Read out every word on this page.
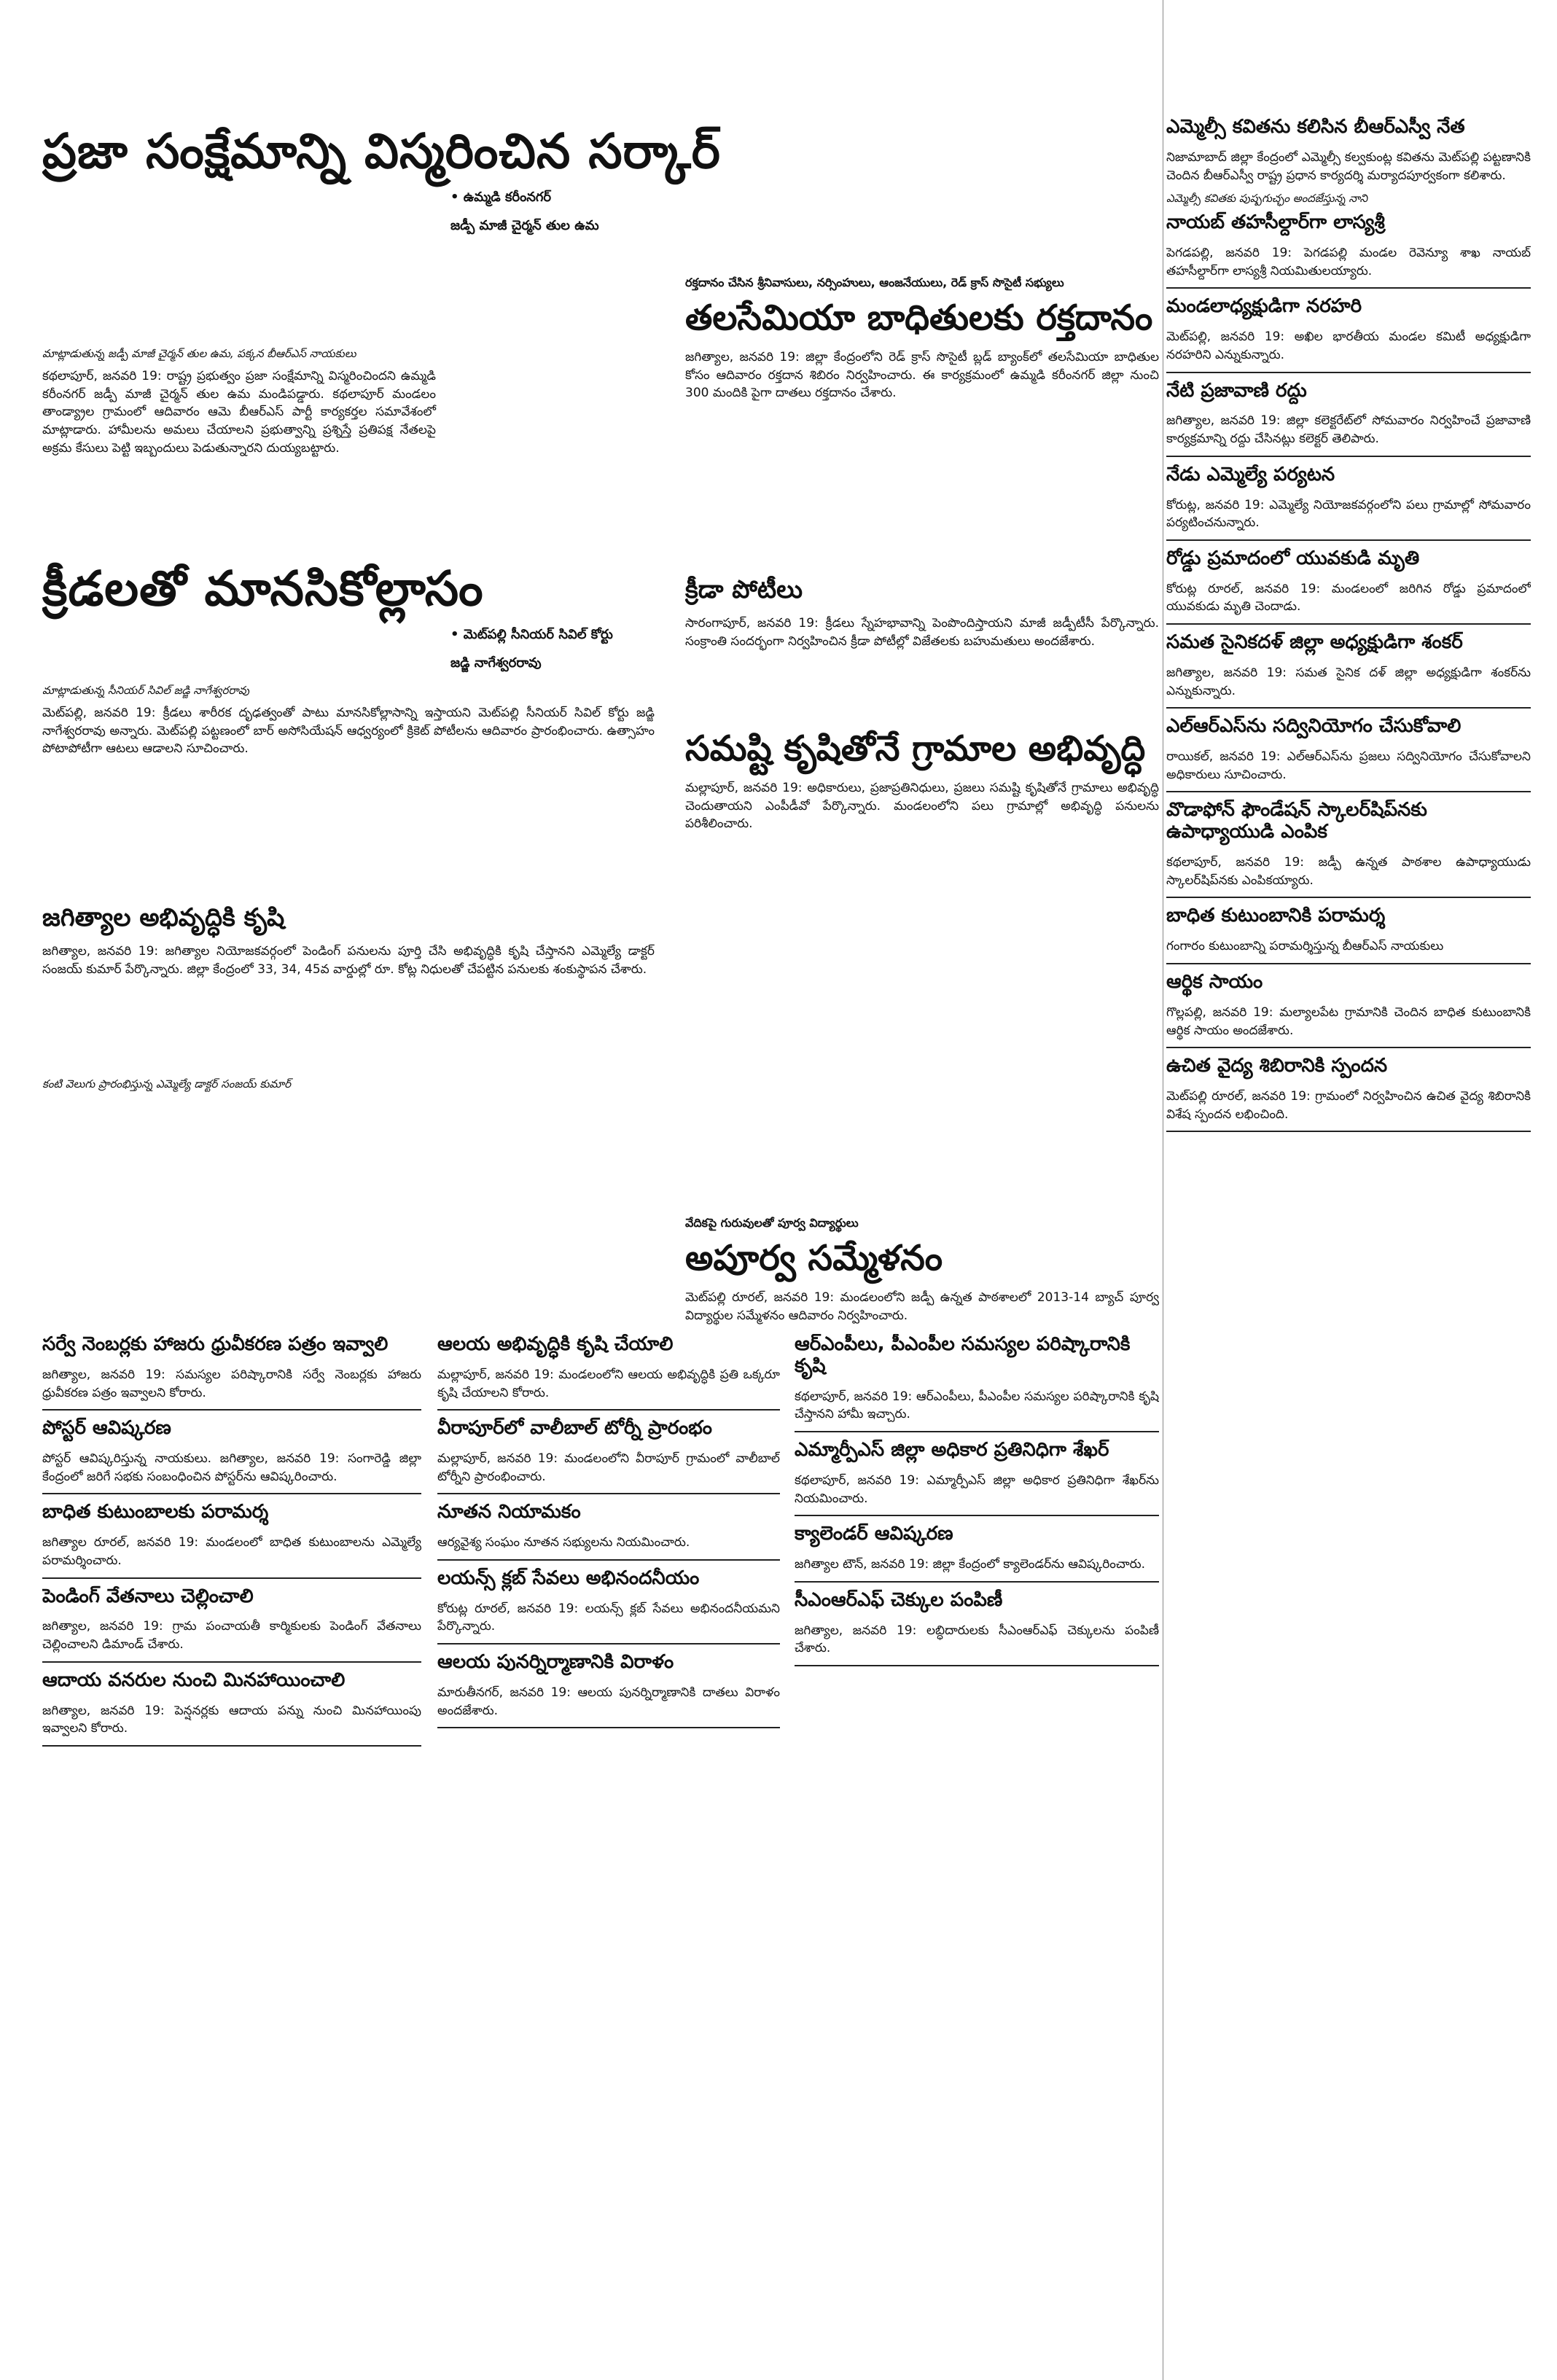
ప్రజా సంక్షేమాన్ని విస్మరించిన సర్కార్
• ఉమ్మడి కరీంనగర్
జడ్పీ మాజీ చైర్మన్ తుల ఉమ
మాట్లాడుతున్న జడ్పీ మాజీ చైర్మన్ తుల ఉమ, పక్కన బీఆర్ఎస్ నాయకులు

కథలాపూర్, జనవరి 19: రాష్ట్ర ప్రభుత్వం ప్రజా సంక్షేమాన్ని విస్మరించిందని ఉమ్మడి కరీంనగర్ జడ్పీ మాజీ చైర్మన్ తుల ఉమ మండిపడ్డారు. కథలాపూర్ మండలం తాండ్య్రాల గ్రామంలో ఆదివారం ఆమె బీఆర్ఎస్ పార్టీ కార్యకర్తల సమావేశంలో మాట్లాడారు. హామీలను అమలు చేయాలని ప్రభుత్వాన్ని ప్రశ్నిస్తే ప్రతిపక్ష నేతలపై అక్రమ కేసులు పెట్టి ఇబ్బందులు పెడుతున్నారని దుయ్యబట్టారు.

రక్తదానం చేసిన శ్రీనివాసులు, నర్సింహులు, ఆంజనేయులు, రెడ్ క్రాస్ సొసైటీ సభ్యులు
తలసేమియా బాధితులకు రక్తదానం

జగిత్యాల, జనవరి 19: జిల్లా కేంద్రంలోని రెడ్ క్రాస్ సొసైటీ బ్లడ్ బ్యాంక్‌లో తలసేమియా బాధితుల కోసం ఆదివారం రక్తదాన శిబిరం నిర్వహించారు. ఈ కార్యక్రమంలో ఉమ్మడి కరీంనగర్ జిల్లా నుంచి 300 మందికి పైగా దాతలు రక్తదానం చేశారు.

క్రీడలతో మానసికోల్లాసం
• మెట్‌పల్లి సీనియర్ సివిల్ కోర్టు
జడ్జి నాగేశ్వరరావు
మాట్లాడుతున్న సీనియర్ సివిల్ జడ్జి నాగేశ్వరరావు

మెట్‌పల్లి, జనవరి 19: క్రీడలు శారీరక దృఢత్వంతో పాటు మానసికోల్లాసాన్ని ఇస్తాయని మెట్‌పల్లి సీనియర్ సివిల్ కోర్టు జడ్జి నాగేశ్వరరావు అన్నారు. మెట్‌పల్లి పట్టణంలో బార్ అసోసియేషన్ ఆధ్వర్యంలో క్రికెట్ పోటీలను ఆదివారం ప్రారంభించారు. ఉత్సాహం పోటాపోటీగా ఆటలు ఆడాలని సూచించారు.

క్రీడా పోటీలు

సారంగాపూర్, జనవరి 19: క్రీడలు స్నేహభావాన్ని పెంపొందిస్తాయని మాజీ జడ్పీటీసీ పేర్కొన్నారు. సంక్రాంతి సందర్భంగా నిర్వహించిన క్రీడా పోటీల్లో విజేతలకు బహుమతులు అందజేశారు.

సమష్టి కృషితోనే గ్రామాల అభివృద్ధి

మల్లాపూర్, జనవరి 19: అధికారులు, ప్రజాప్రతినిధులు, ప్రజలు సమష్టి కృషితోనే గ్రామాలు అభివృద్ధి చెందుతాయని ఎంపీడీవో పేర్కొన్నారు. మండలంలోని పలు గ్రామాల్లో అభివృద్ధి పనులను పరిశీలించారు.

జగిత్యాల అభివృద్ధికి కృషి

జగిత్యాల, జనవరి 19: జగిత్యాల నియోజకవర్గంలో పెండింగ్ పనులను పూర్తి చేసి అభివృద్ధికి కృషి చేస్తానని ఎమ్మెల్యే డాక్టర్ సంజయ్ కుమార్ పేర్కొన్నారు. జిల్లా కేంద్రంలో 33, 34, 45వ వార్డుల్లో రూ. కోట్ల నిధులతో చేపట్టిన పనులకు శంకుస్థాపన చేశారు.

కంటి వెలుగు ప్రారంభిస్తున్న ఎమ్మెల్యే డాక్టర్ సంజయ్ కుమార్
వేదికపై గురువులతో పూర్వ విద్యార్థులు
అపూర్వ సమ్మేళనం

మెట్‌పల్లి రూరల్, జనవరి 19: మండలంలోని జడ్పీ ఉన్నత పాఠశాలలో 2013-14 బ్యాచ్ పూర్వ విద్యార్థుల సమ్మేళనం ఆదివారం నిర్వహించారు.

ఎమ్మెల్సీ కవితను కలిసిన బీఆర్ఎస్వీ నేత

నిజామాబాద్ జిల్లా కేంద్రంలో ఎమ్మెల్సీ కల్వకుంట్ల కవితను మెట్‌పల్లి పట్టణానికి చెందిన బీఆర్ఎస్వీ రాష్ట్ర ప్రధాన కార్యదర్శి మర్యాదపూర్వకంగా కలిశారు.

ఎమ్మెల్సీ కవితకు పుష్పగుచ్ఛం అందజేస్తున్న నాని
నాయబ్ తహసీల్దార్‌గా లాస్యశ్రీ

పెగడపల్లి, జనవరి 19: పెగడపల్లి మండల రెవెన్యూ శాఖ నాయబ్ తహసీల్దార్‌గా లాస్యశ్రీ నియమితులయ్యారు.

మండలాధ్యక్షుడిగా నరహరి

మెట్‌పల్లి, జనవరి 19: అఖిల భారతీయ మండల కమిటీ అధ్యక్షుడిగా నరహరిని ఎన్నుకున్నారు.

నేటి ప్రజావాణి రద్దు

జగిత్యాల, జనవరి 19: జిల్లా కలెక్టరేట్‌లో సోమవారం నిర్వహించే ప్రజావాణి కార్యక్రమాన్ని రద్దు చేసినట్లు కలెక్టర్ తెలిపారు.

నేడు ఎమ్మెల్యే పర్యటన

కోరుట్ల, జనవరి 19: ఎమ్మెల్యే నియోజకవర్గంలోని పలు గ్రామాల్లో సోమవారం పర్యటించనున్నారు.

రోడ్డు ప్రమాదంలో యువకుడి మృతి

కోరుట్ల రూరల్, జనవరి 19: మండలంలో జరిగిన రోడ్డు ప్రమాదంలో యువకుడు మృతి చెందాడు.

సమత సైనికదళ్ జిల్లా అధ్యక్షుడిగా శంకర్

జగిత్యాల, జనవరి 19: సమత సైనిక దళ్ జిల్లా అధ్యక్షుడిగా శంకర్‌ను ఎన్నుకున్నారు.

ఎల్ఆర్ఎస్‌ను సద్వినియోగం చేసుకోవాలి

రాయికల్, జనవరి 19: ఎల్ఆర్ఎస్‌ను ప్రజలు సద్వినియోగం చేసుకోవాలని అధికారులు సూచించారు.

వొడాఫోన్ ఫౌండేషన్ స్కాలర్‌షిప్‌నకు ఉపాధ్యాయుడి ఎంపిక

కథలాపూర్, జనవరి 19: జడ్పీ ఉన్నత పాఠశాల ఉపాధ్యాయుడు స్కాలర్‌షిప్‌నకు ఎంపికయ్యారు.

బాధిత కుటుంబానికి పరామర్శ

గంగారం కుటుంబాన్ని పరామర్శిస్తున్న బీఆర్ఎస్ నాయకులు

ఆర్థిక సాయం

గొల్లపల్లి, జనవరి 19: మల్యాలపేట గ్రామానికి చెందిన బాధిత కుటుంబానికి ఆర్థిక సాయం అందజేశారు.

ఉచిత వైద్య శిబిరానికి స్పందన

మెట్‌పల్లి రూరల్, జనవరి 19: గ్రామంలో నిర్వహించిన ఉచిత వైద్య శిబిరానికి విశేష స్పందన లభించింది.

సర్వే నెంబర్లకు హాజరు ధ్రువీకరణ పత్రం ఇవ్వాలి

జగిత్యాల, జనవరి 19: సమస్యల పరిష్కారానికి సర్వే నెంబర్లకు హాజరు ధ్రువీకరణ పత్రం ఇవ్వాలని కోరారు.

పోస్టర్ ఆవిష్కరణ

పోస్టర్ ఆవిష్కరిస్తున్న నాయకులు. జగిత్యాల, జనవరి 19: సంగారెడ్డి జిల్లా కేంద్రంలో జరిగే సభకు సంబంధించిన పోస్టర్‌ను ఆవిష్కరించారు.

బాధిత కుటుంబాలకు పరామర్శ

జగిత్యాల రూరల్, జనవరి 19: మండలంలో బాధిత కుటుంబాలను ఎమ్మెల్యే పరామర్శించారు.

పెండింగ్ వేతనాలు చెల్లించాలి

జగిత్యాల, జనవరి 19: గ్రామ పంచాయతీ కార్మికులకు పెండింగ్ వేతనాలు చెల్లించాలని డిమాండ్ చేశారు.

ఆదాయ వనరుల నుంచి మినహాయించాలి

జగిత్యాల, జనవరి 19: పెన్షనర్లకు ఆదాయ పన్ను నుంచి మినహాయింపు ఇవ్వాలని కోరారు.

ఆలయ అభివృద్ధికి కృషి చేయాలి

మల్లాపూర్, జనవరి 19: మండలంలోని ఆలయ అభివృద్ధికి ప్రతి ఒక్కరూ కృషి చేయాలని కోరారు.

వీరాపూర్‌లో వాలీబాల్ టోర్నీ ప్రారంభం

మల్లాపూర్, జనవరి 19: మండలంలోని వీరాపూర్ గ్రామంలో వాలీబాల్ టోర్నీని ప్రారంభించారు.

నూతన నియామకం

ఆర్యవైశ్య సంఘం నూతన సభ్యులను నియమించారు.

లయన్స్ క్లబ్ సేవలు అభినందనీయం

కోరుట్ల రూరల్, జనవరి 19: లయన్స్ క్లబ్ సేవలు అభినందనీయమని పేర్కొన్నారు.

ఆలయ పునర్నిర్మాణానికి విరాళం

మారుతీనగర్, జనవరి 19: ఆలయ పునర్నిర్మాణానికి దాతలు విరాళం అందజేశారు.

ఆర్ఎంపీలు, పీఎంపీల సమస్యల పరిష్కారానికి కృషి

కథలాపూర్, జనవరి 19: ఆర్ఎంపీలు, పీఎంపీల సమస్యల పరిష్కారానికి కృషి చేస్తానని హామీ ఇచ్చారు.

ఎమ్మార్పీఎస్ జిల్లా అధికార ప్రతినిధిగా శేఖర్

కథలాపూర్, జనవరి 19: ఎమ్మార్పీఎస్ జిల్లా అధికార ప్రతినిధిగా శేఖర్‌ను నియమించారు.

క్యాలెండర్ ఆవిష్కరణ

జగిత్యాల టౌన్, జనవరి 19: జిల్లా కేంద్రంలో క్యాలెండర్‌ను ఆవిష్కరించారు.

సీఎంఆర్ఎఫ్ చెక్కుల పంపిణీ

జగిత్యాల, జనవరి 19: లబ్ధిదారులకు సీఎంఆర్ఎఫ్ చెక్కులను పంపిణీ చేశారు.
